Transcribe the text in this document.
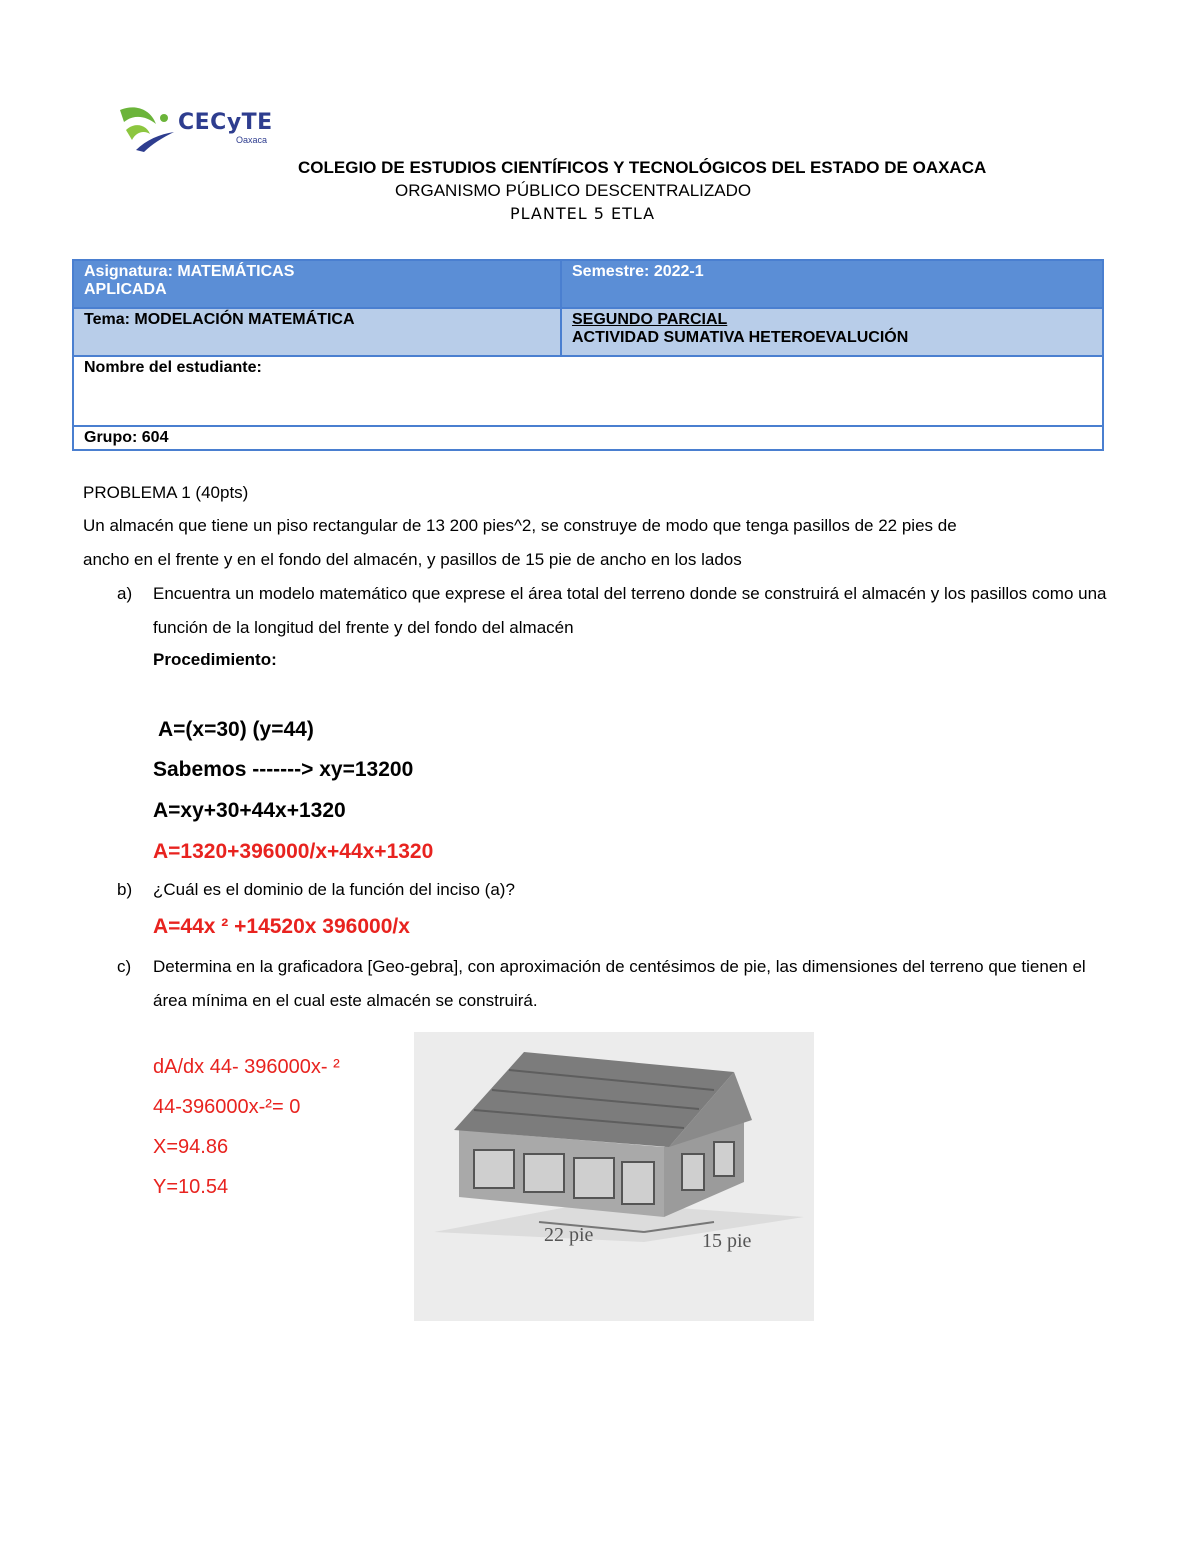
CECyTE
Oaxaca
COLEGIO DE ESTUDIOS CIENTÍFICOS Y TECNOLÓGICOS DEL ESTADO DE OAXACA
ORGANISMO PÚBLICO DESCENTRALIZADO
PLANTEL 5 ETLA
Asignatura: MATEMÁTICAS
APLICADA	Semestre: 2022-1

Tema: MODELACIÓN MATEMÁTICA	SEGUNDO PARCIAL
ACTIVIDAD SUMATIVA HETEROEVALUCIÓN

Nombre del estudiante:	

Grupo: 604	
PROBLEMA 1 (40pts)
Un almacén que tiene un piso rectangular de 13 200 pies^2, se construye de modo que tenga pasillos de 22 pies de
ancho en el frente y en el fondo del almacén, y pasillos de 15 pie de ancho en los lados
a) Encuentra un modelo matemático que exprese el área total del terreno donde se construirá el almacén y los pasillos como una función de la longitud del frente y del fondo del almacén
Procedimiento:
A=(x=30) (y=44)
Sabemos -------> xy=13200
A=xy+30+44x+1320
A=1320+396000/x+44x+1320
b) ¿Cuál es el dominio de la función del inciso (a)?
A=44x ² +14520x 396000/x
c) Determina en la graficadora [Geo-gebra], con aproximación de centésimos de pie, las dimensiones del terreno que tienen el área mínima en el cual este almacén se construirá.
dA/dx 44- 396000x- ²
44-396000x-²= 0
X=94.86
Y=10.54
22 pie	15 pie
